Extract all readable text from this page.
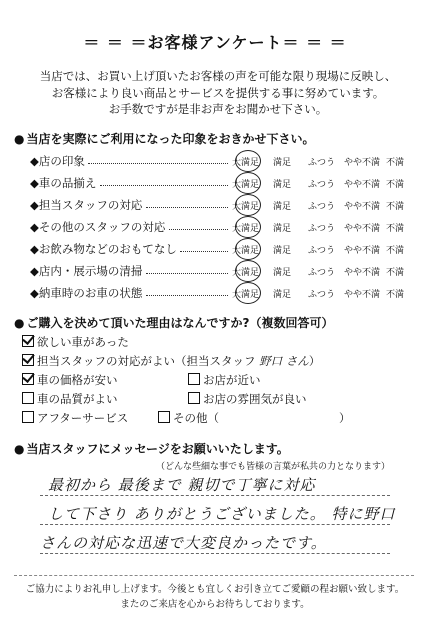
＝ ＝ ＝お客様アンケート＝ ＝ ＝
当店では、お買い上げ頂いたお客様の声を可能な限り現場に反映し、
お客様により良い商品とサービスを提供する事に努めています。
お手数ですが是非お声をお聞かせ下さい。
● 当店を実際にご利用になった印象をおきかせ下さい。
◆店の印象	大満足 満足 ふつう やや不満 不満
◆車の品揃え	大満足 満足 ふつう やや不満 不満
◆担当スタッフの対応	大満足 満足 ふつう やや不満 不満
◆その他のスタッフの対応	大満足 満足 ふつう やや不満 不満
◆お飲み物などのおもてなし	大満足 満足 ふつう やや不満 不満
◆店内・展示場の清掃	大満足 満足 ふつう やや不満 不満
◆納車時のお車の状態	大満足 満足 ふつう やや不満 不満
● ご購入を決めて頂いた理由はなんですか?（複数回答可）
欲しい車があった
担当スタッフの対応がよい（担当スタッフ 野口 さん）
車の価格が安い	お店が近い
車の品質がよい	お店の雰囲気が良い
アフターサービス	その他（	）
● 当店スタッフにメッセージをお願いいたします。
（どんな些細な事でも皆様の言葉が私共の力となります）
最初から 最後まで 親切で丁寧に対応
して下さり ありがとうございました。 特に野口
さんの対応な迅速で大変良かったです。
ご協力によりお礼申し上げます。今後とも宜しくお引き立てご愛顧の程お願い致します。
またのご来店を心からお待ちしております。
